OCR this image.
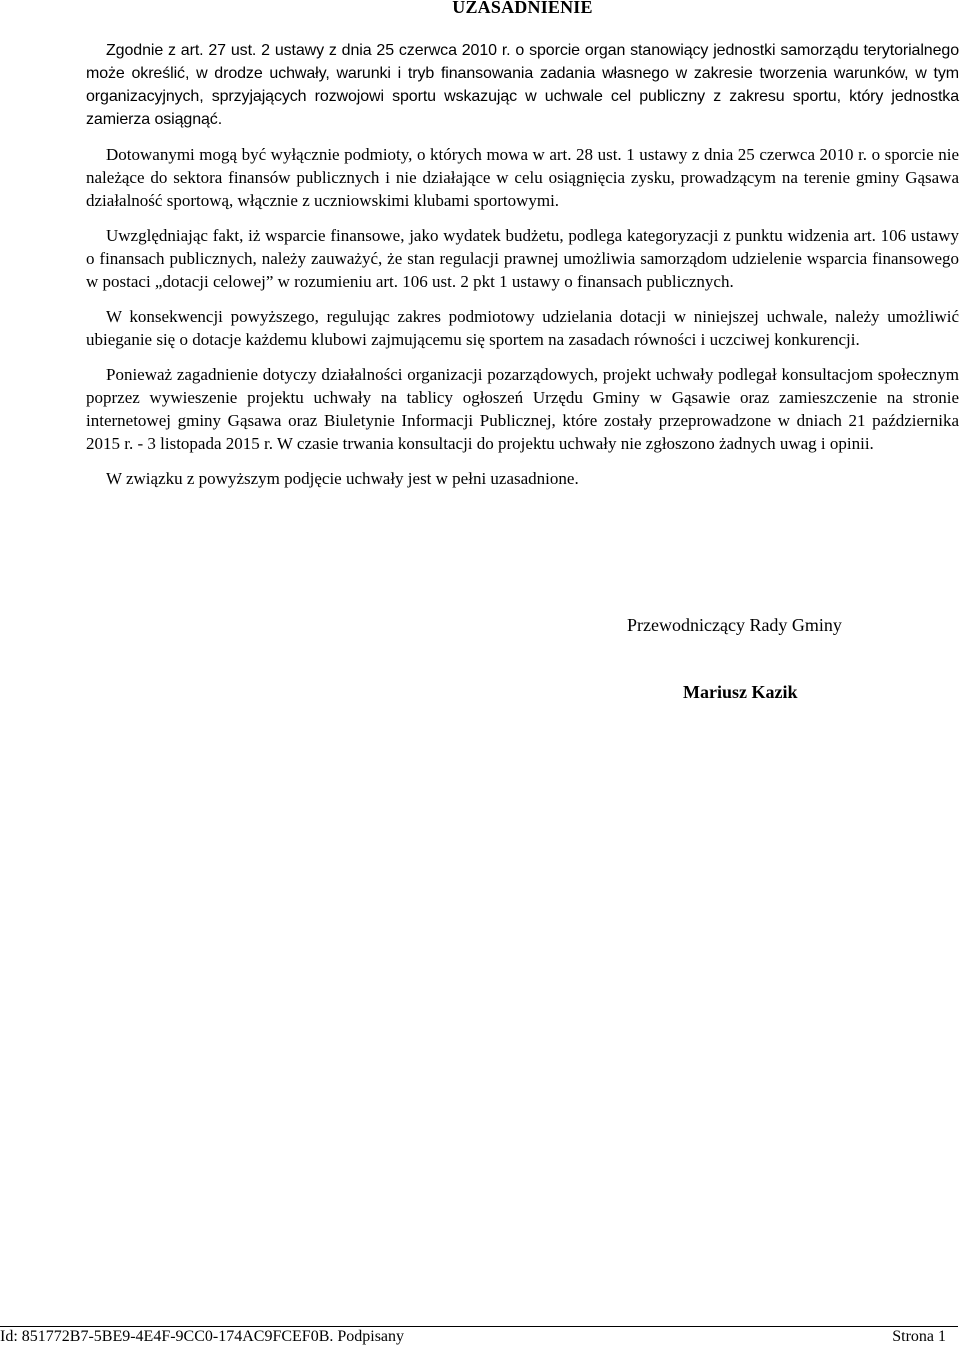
UZASADNIENIE

Zgodnie z art. 27 ust. 2 ustawy z dnia 25 czerwca 2010 r. o sporcie organ stanowiący jednostki samorządu terytorialnego może określić, w drodze uchwały, warunki i tryb finansowania zadania własnego w zakresie tworzenia warunków, w tym organizacyjnych, sprzyjających rozwojowi sportu wskazując w uchwale cel publiczny z zakresu sportu, który jednostka zamierza osiągnąć.

Dotowanymi mogą być wyłącznie podmioty, o których mowa w art. 28 ust. 1 ustawy z dnia 25 czerwca 2010 r. o sporcie nie należące do sektora finansów publicznych i nie działające w celu osiągnięcia zysku, prowadzącym na terenie gminy Gąsawa działalność sportową, włącznie z uczniowskimi klubami sportowymi.

Uwzględniając fakt, iż wsparcie finansowe, jako wydatek budżetu, podlega kategoryzacji z punktu widzenia art. 106 ustawy o finansach publicznych, należy zauważyć, że stan regulacji prawnej umożliwia samorządom udzielenie wsparcia finansowego w postaci „dotacji celowej” w rozumieniu art. 106 ust. 2 pkt 1 ustawy o finansach publicznych.

W konsekwencji powyższego, regulując zakres podmiotowy udzielania dotacji w niniejszej uchwale, należy umożliwić ubieganie się o dotacje każdemu klubowi zajmującemu się sportem na zasadach równości i uczciwej konkurencji.

Ponieważ zagadnienie dotyczy działalności organizacji pozarządowych, projekt uchwały podlegał konsultacjom społecznym poprzez wywieszenie projektu uchwały na tablicy ogłoszeń Urzędu Gminy w Gąsawie oraz zamieszczenie na stronie internetowej gminy Gąsawa oraz Biuletynie Informacji Publicznej, które zostały przeprowadzone w dniach 21 października 2015 r. - 3 listopada 2015 r. W czasie trwania konsultacji do projektu uchwały nie zgłoszono żadnych uwag i opinii.

W związku z powyższym podjęcie uchwały jest w pełni uzasadnione.

Przewodniczący Rady Gminy
Mariusz Kazik
Id: 851772B7-5BE9-4E4F-9CC0-174AC9FCEF0B. Podpisany	Strona 1
